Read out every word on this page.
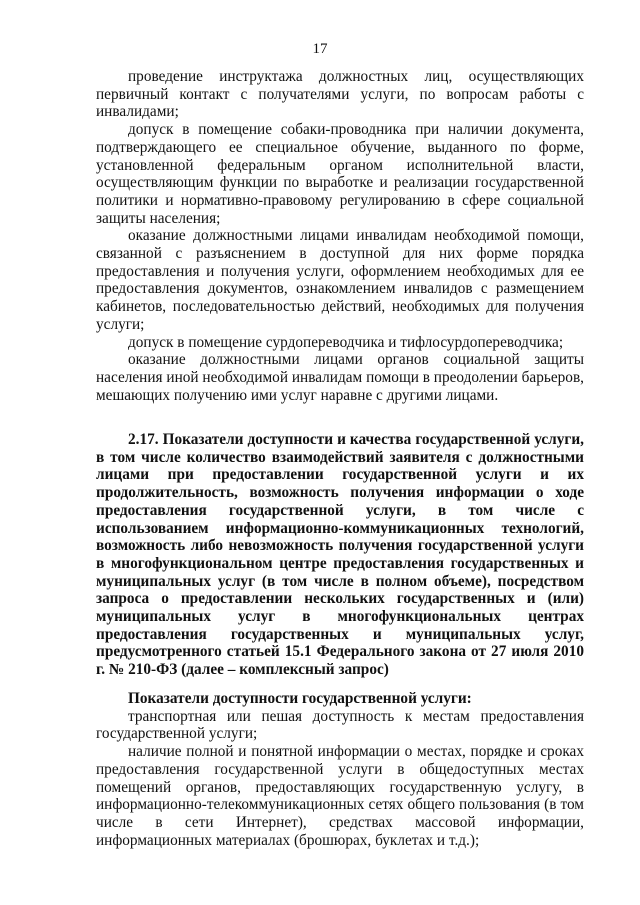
17

проведение инструктажа должностных лиц, осуществляющих первичный контакт с получателями услуги, по вопросам работы с инвалидами;

допуск в помещение собаки-проводника при наличии документа, подтверждающего ее специальное обучение, выданного по форме, установленной федеральным органом исполнительной власти, осуществляющим функции по выработке и реализации государственной политики и нормативно-правовому регулированию в сфере социальной защиты населения;

оказание должностными лицами инвалидам необходимой помощи, связанной с разъяснением в доступной для них форме порядка предоставления и получения услуги, оформлением необходимых для ее предоставления документов, ознакомлением инвалидов с размещением кабинетов, последовательностью действий, необходимых для получения услуги;

допуск в помещение сурдопереводчика и тифлосурдопереводчика;

оказание должностными лицами органов социальной защиты населения иной необходимой инвалидам помощи в преодолении барьеров, мешающих получению ими услуг наравне с другими лицами.

2.17. Показатели доступности и качества государственной услуги, в том числе количество взаимодействий заявителя с должностными лицами при предоставлении государственной услуги и их продолжительность, возможность получения информации о ходе предоставления государственной услуги, в том числе с использованием информационно-коммуникационных технологий, возможность либо невозможность получения государственной услуги в многофункциональном центре предоставления государственных и муниципальных услуг (в том числе в полном объеме), посредством запроса о предоставлении нескольких государственных и (или) муниципальных услуг в многофункциональных центрах предоставления государственных и муниципальных услуг, предусмотренного статьей 15.1 Федерального закона от 27 июля 2010 г. № 210-ФЗ (далее – комплексный запрос)

Показатели доступности государственной услуги:

транспортная или пешая доступность к местам предоставления государственной услуги;

наличие полной и понятной информации о местах, порядке и сроках предоставления государственной услуги в общедоступных местах помещений органов, предоставляющих государственную услугу, в информационно-телекоммуникационных сетях общего пользования (в том числе в сети Интернет), средствах массовой информации, информационных материалах (брошюрах, буклетах и т.д.);
